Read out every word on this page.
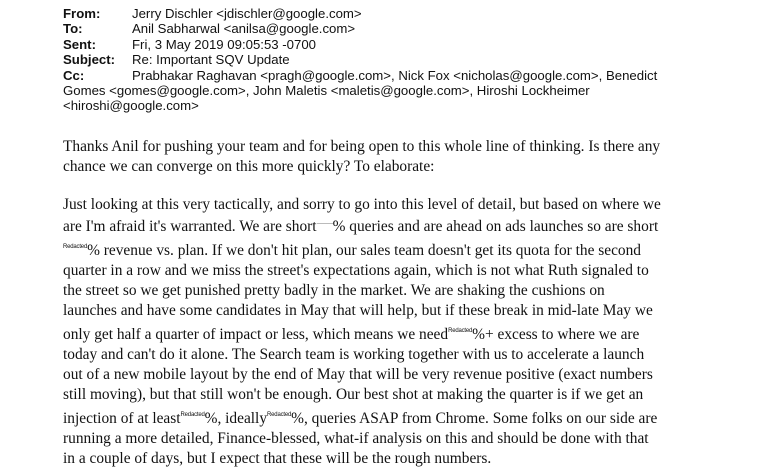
From:	Jerry Dischler <jdischler@google.com>
To:	Anil Sabharwal <anilsa@google.com>
Sent:	Fri, 3 May 2019 09:05:53 -0700
Subject:	Re: Important SQV Update
Cc:	Prabhakar Raghavan <pragh@google.com>, Nick Fox <nicholas@google.com>, Benedict
Gomes <gomes@google.com>, John Maletis <maletis@google.com>, Hiroshi Lockheimer
<hiroshi@google.com>

Thanks Anil for pushing your team and for being open to this whole line of thinking. Is there any
chance we can converge on this more quickly? To elaborate:

Just looking at this very tactically, and sorry to go into this level of detail, but based on where we
are I'm afraid it's warranted. We are short % queries and are ahead on ads launches so are short
$^{Redacted}$% revenue vs. plan. If we don't hit plan, our sales team doesn't get its quota for the second
quarter in a row and we miss the street's expectations again, which is not what Ruth signaled to
the street so we get punished pretty badly in the market. We are shaking the cushions on
launches and have some candidates in May that will help, but if these break in mid-late May we
only get half a quarter of impact or less, which means we need$^{Redacted}$%+ excess to where we are
today and can't do it alone. The Search team is working together with us to accelerate a launch
out of a new mobile layout by the end of May that will be very revenue positive (exact numbers
still moving), but that still won't be enough. Our best shot at making the quarter is if we get an
injection of at least$^{Redacted}$%, ideally$^{Redacted}$%, queries ASAP from Chrome. Some folks on our side are
running a more detailed, Finance-blessed, what-if analysis on this and should be done with that
in a couple of days, but I expect that these will be the rough numbers.
